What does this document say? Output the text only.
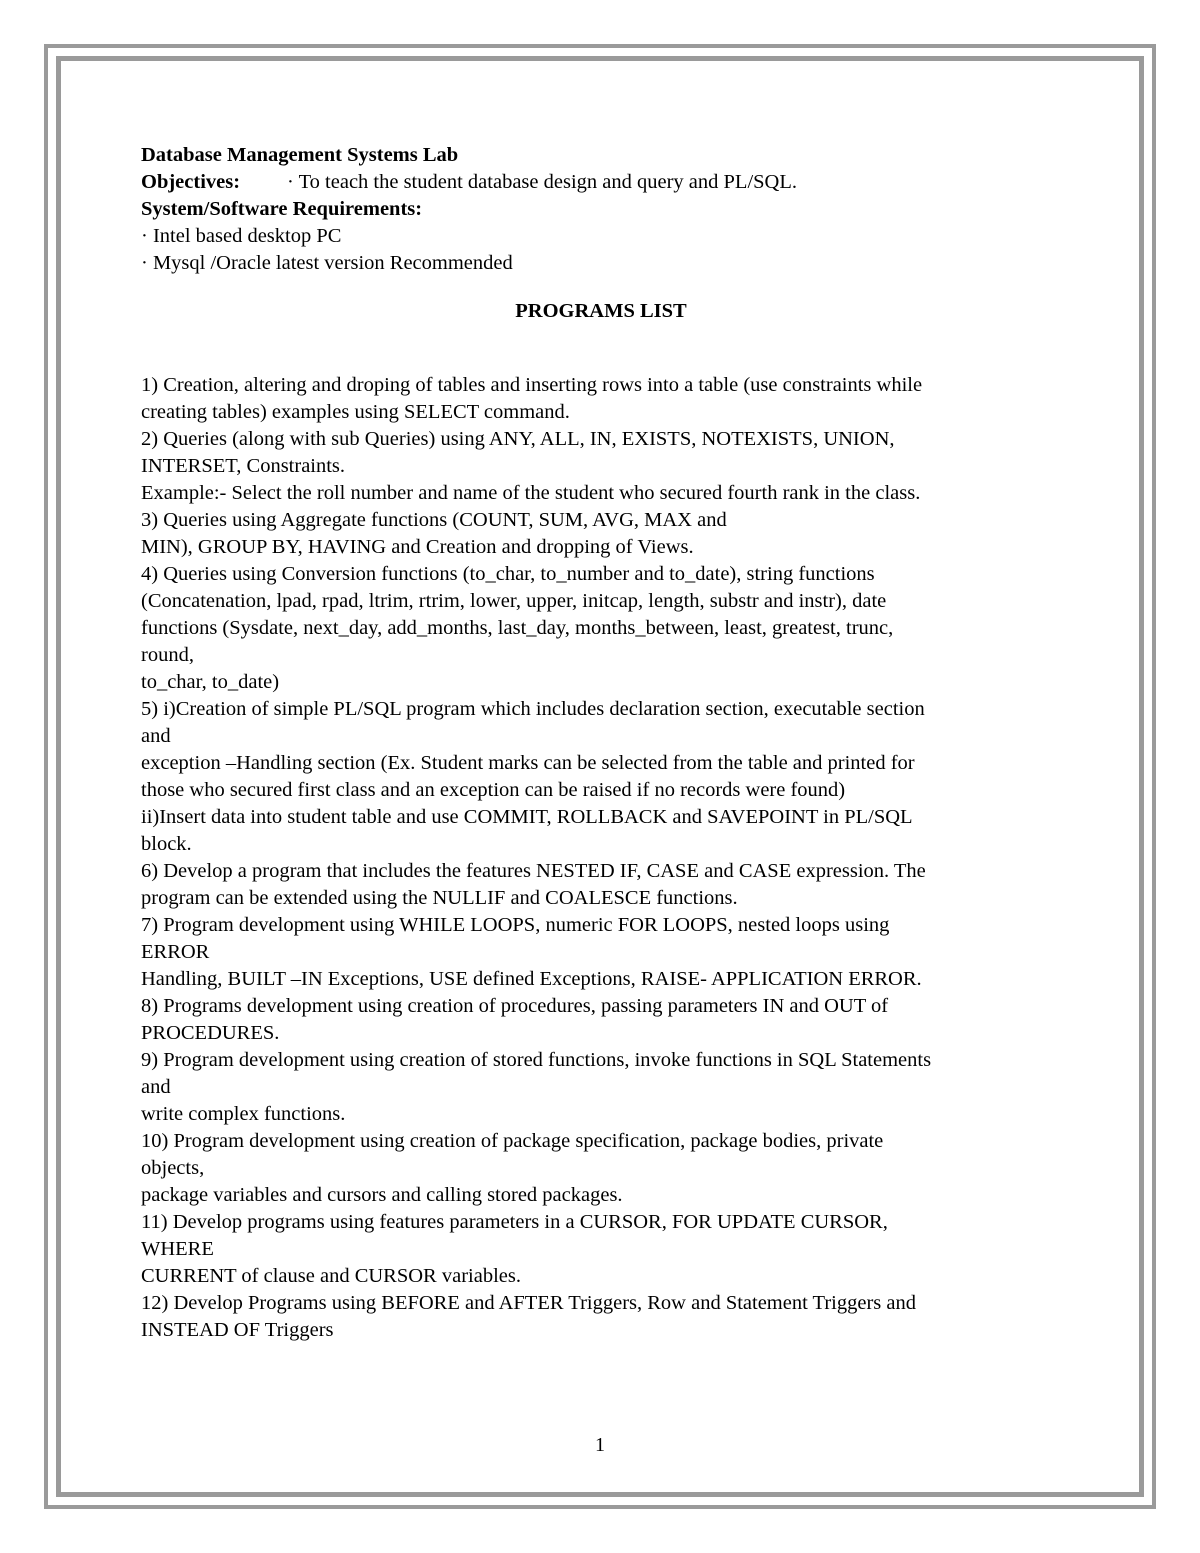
Database Management Systems Lab

Objectives: · To teach the student database design and query and PL/SQL.

System/Software Requirements:

· Intel based desktop PC

· Mysql /Oracle latest version Recommended

PROGRAMS LIST

1) Creation, altering and droping of tables and inserting rows into a table (use constraints while

creating tables) examples using SELECT command.

2) Queries (along with sub Queries) using ANY, ALL, IN, EXISTS, NOTEXISTS, UNION,

INTERSET, Constraints.

Example:- Select the roll number and name of the student who secured fourth rank in the class.

3) Queries using Aggregate functions (COUNT, SUM, AVG, MAX and

MIN), GROUP BY, HAVING and Creation and dropping of Views.

4) Queries using Conversion functions (to_char, to_number and to_date), string functions

(Concatenation, lpad, rpad, ltrim, rtrim, lower, upper, initcap, length, substr and instr), date

functions (Sysdate, next_day, add_months, last_day, months_between, least, greatest, trunc,

round,

to_char, to_date)

5) i)Creation of simple PL/SQL program which includes declaration section, executable section

and

exception –Handling section (Ex. Student marks can be selected from the table and printed for

those who secured first class and an exception can be raised if no records were found)

ii)Insert data into student table and use COMMIT, ROLLBACK and SAVEPOINT in PL/SQL

block.

6) Develop a program that includes the features NESTED IF, CASE and CASE expression. The

program can be extended using the NULLIF and COALESCE functions.

7) Program development using WHILE LOOPS, numeric FOR LOOPS, nested loops using

ERROR

Handling, BUILT –IN Exceptions, USE defined Exceptions, RAISE- APPLICATION ERROR.

8) Programs development using creation of procedures, passing parameters IN and OUT of

PROCEDURES.

9) Program development using creation of stored functions, invoke functions in SQL Statements

and

write complex functions.

10) Program development using creation of package specification, package bodies, private

objects,

package variables and cursors and calling stored packages.

11) Develop programs using features parameters in a CURSOR, FOR UPDATE CURSOR,

WHERE

CURRENT of clause and CURSOR variables.

12) Develop Programs using BEFORE and AFTER Triggers, Row and Statement Triggers and

INSTEAD OF Triggers

1
